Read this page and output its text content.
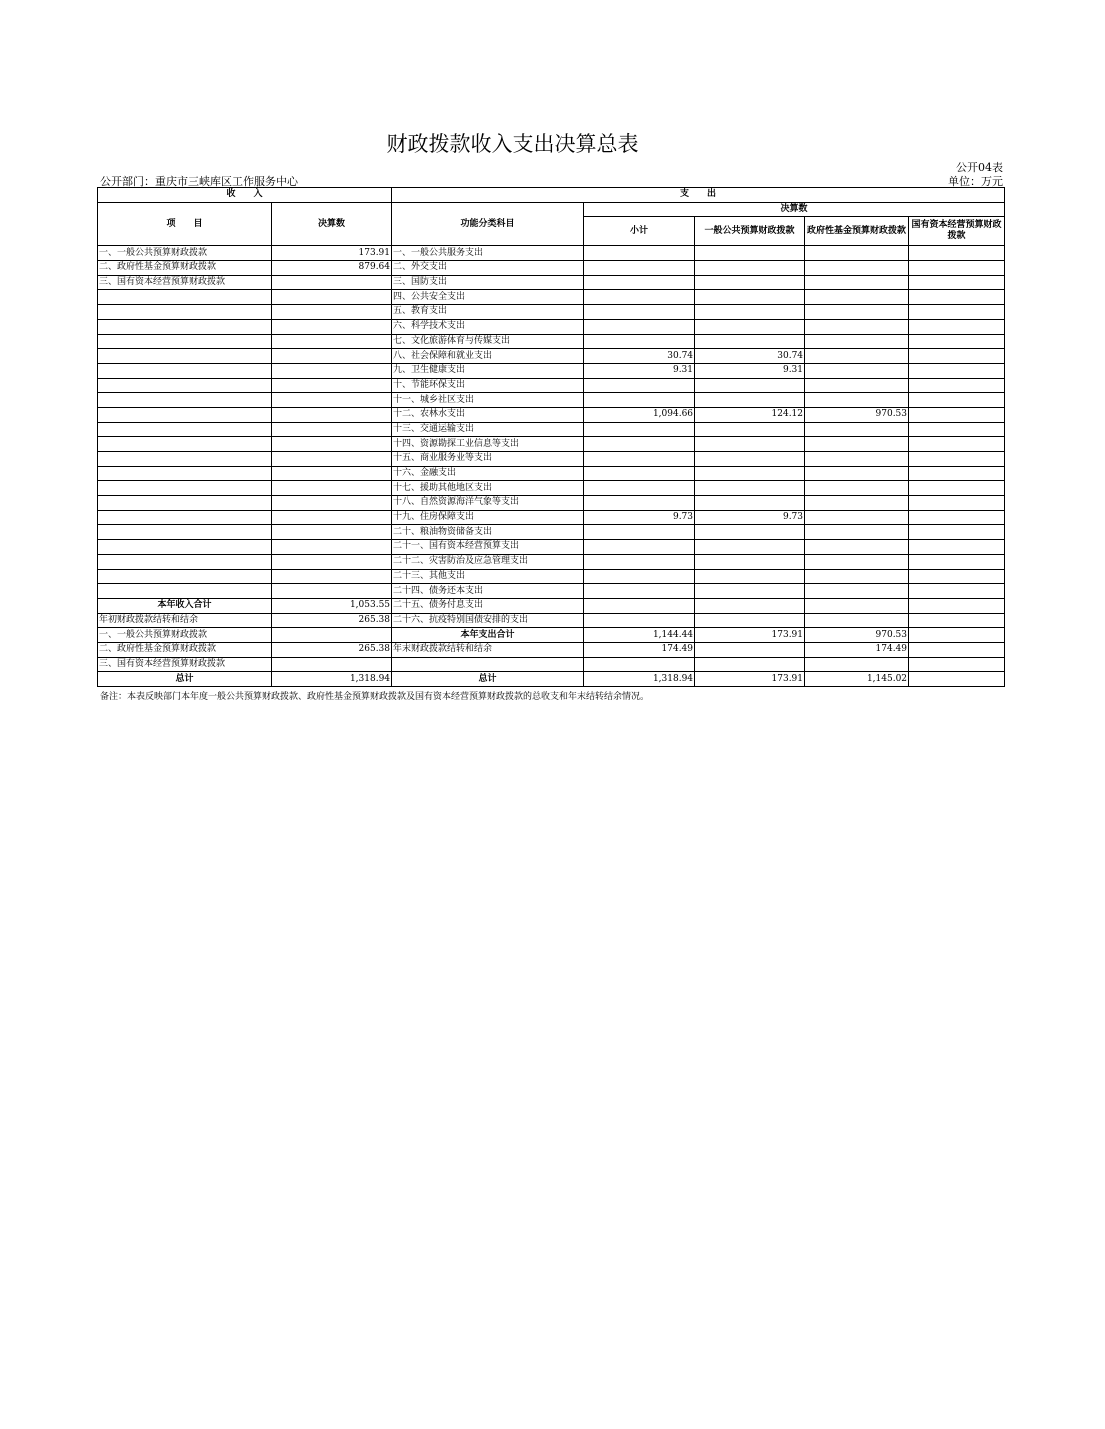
财政拨款收入支出决算总表
公开04表
公开部门：重庆市三峡库区工作服务中心	单位：万元
收　　入		支　　出				
项　　目	决算数	功能分类科目	决算数			
			小计	一般公共预算财政拨款	政府性基金预算财政拨款	国有资本经营预算财政拨款
一、一般公共预算财政拨款	173.91	一、一般公共服务支出				
二、政府性基金预算财政拨款	879.64	二、外交支出				
三、国有资本经营预算财政拨款		三、国防支出				
		四、公共安全支出				
		五、教育支出				
		六、科学技术支出				
		七、文化旅游体育与传媒支出				
		八、社会保障和就业支出	30.74	30.74		
		九、卫生健康支出	9.31	9.31		
		十、节能环保支出				
		十一、城乡社区支出				
		十二、农林水支出	1,094.66	124.12	970.53	
		十三、交通运输支出				
		十四、资源勘探工业信息等支出				
		十五、商业服务业等支出				
		十六、金融支出				
		十七、援助其他地区支出				
		十八、自然资源海洋气象等支出				
		十九、住房保障支出	9.73	9.73		
		二十、粮油物资储备支出				
		二十一、国有资本经营预算支出				
		二十二、灾害防治及应急管理支出				
		二十三、其他支出				
		二十四、债务还本支出				
本年收入合计	1,053.55	二十五、债务付息支出				
年初财政拨款结转和结余	265.38	二十六、抗疫特别国债安排的支出				
一、一般公共预算财政拨款		本年支出合计	1,144.44	173.91	970.53	
二、政府性基金预算财政拨款	265.38	年末财政拨款结转和结余	174.49		174.49	
三、国有资本经营预算财政拨款						
总计	1,318.94	总计	1,318.94	173.91	1,145.02	
备注：本表反映部门本年度一般公共预算财政拨款、政府性基金预算财政拨款及国有资本经营预算财政拨款的总收支和年末结转结余情况。
